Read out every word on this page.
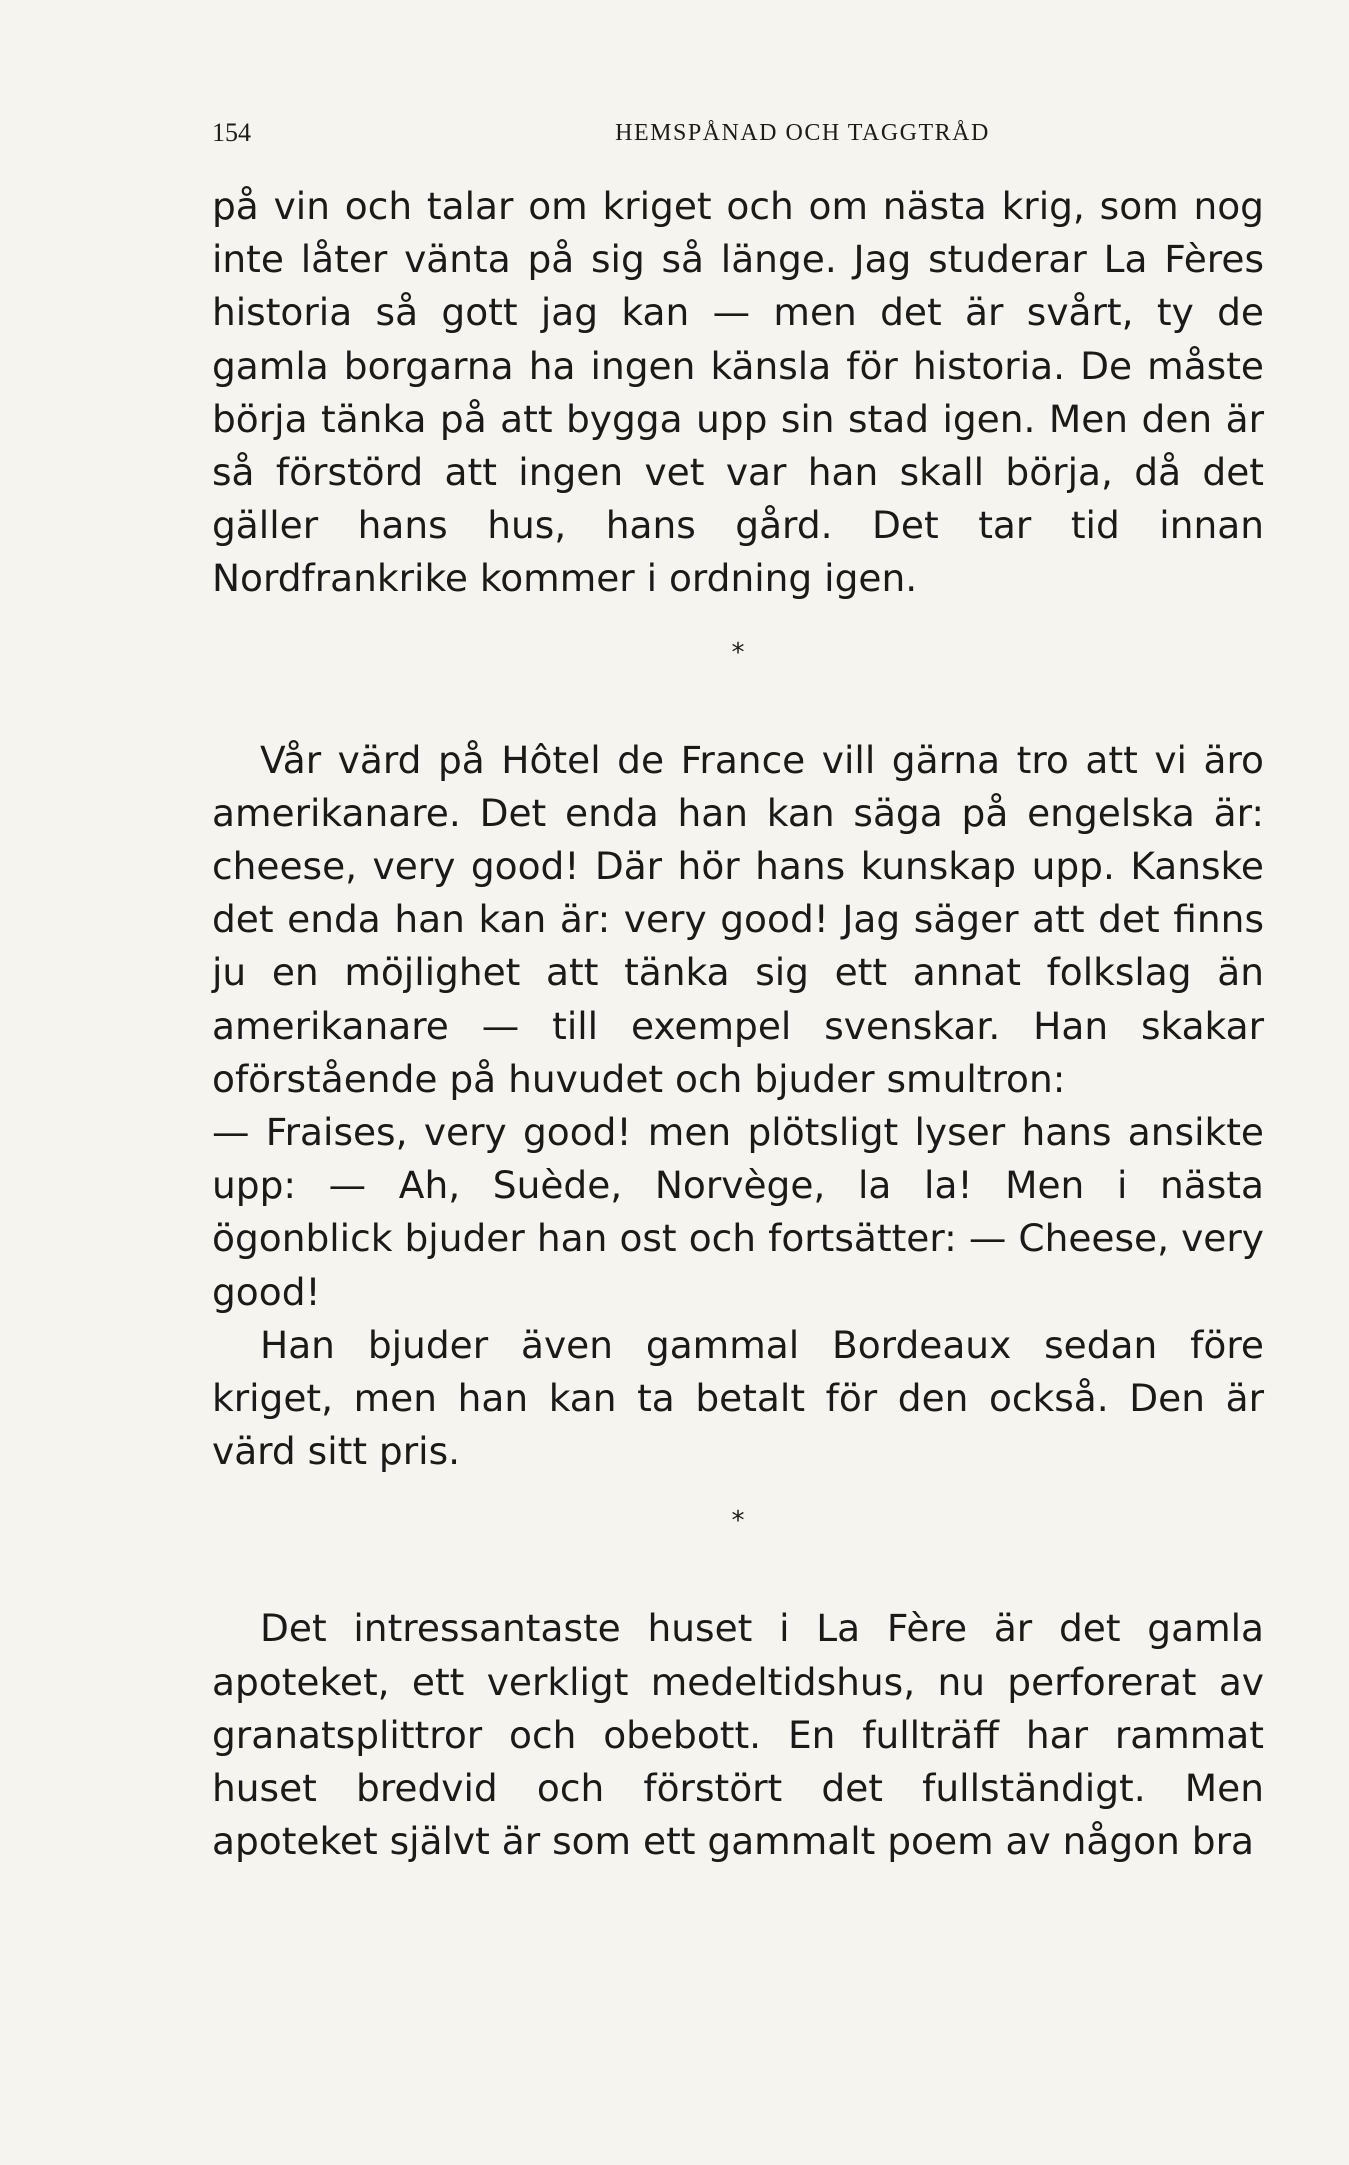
154	HEMSPÅNAD OCH TAGGTRÅD

på vin och talar om kriget och om nästa krig, som nog inte låter vänta på sig så länge. Jag studerar La Fères historia så gott jag kan — men det är svårt, ty de gamla borgarna ha ingen känsla för historia. De måste börja tänka på att bygga upp sin stad igen. Men den är så förstörd att ingen vet var han skall börja, då det gäller hans hus, hans gård. Det tar tid innan Nordfrankrike kommer i ordning igen.

*

Vår värd på Hôtel de France vill gärna tro att vi äro amerikanare. Det enda han kan säga på engelska är: cheese, very good! Där hör hans kunskap upp. Kanske det enda han kan är: very good! Jag säger att det finns ju en möjlighet att tänka sig ett annat folkslag än amerikanare — till exempel svenskar. Han skakar oförstående på huvudet och bjuder smultron:

— Fraises, very good! men plötsligt lyser hans ansikte upp: — Ah, Suède, Norvège, la la! Men i nästa ögonblick bjuder han ost och fortsätter: — Cheese, very good!

Han bjuder även gammal Bordeaux sedan före kriget, men han kan ta betalt för den också. Den är värd sitt pris.

*

Det intressantaste huset i La Fère är det gamla apoteket, ett verkligt medeltidshus, nu perforerat av granatsplittror och obebott. En fullträff har rammat huset bredvid och förstört det fullständigt. Men apoteket självt är som ett gammalt poem av någon bra
